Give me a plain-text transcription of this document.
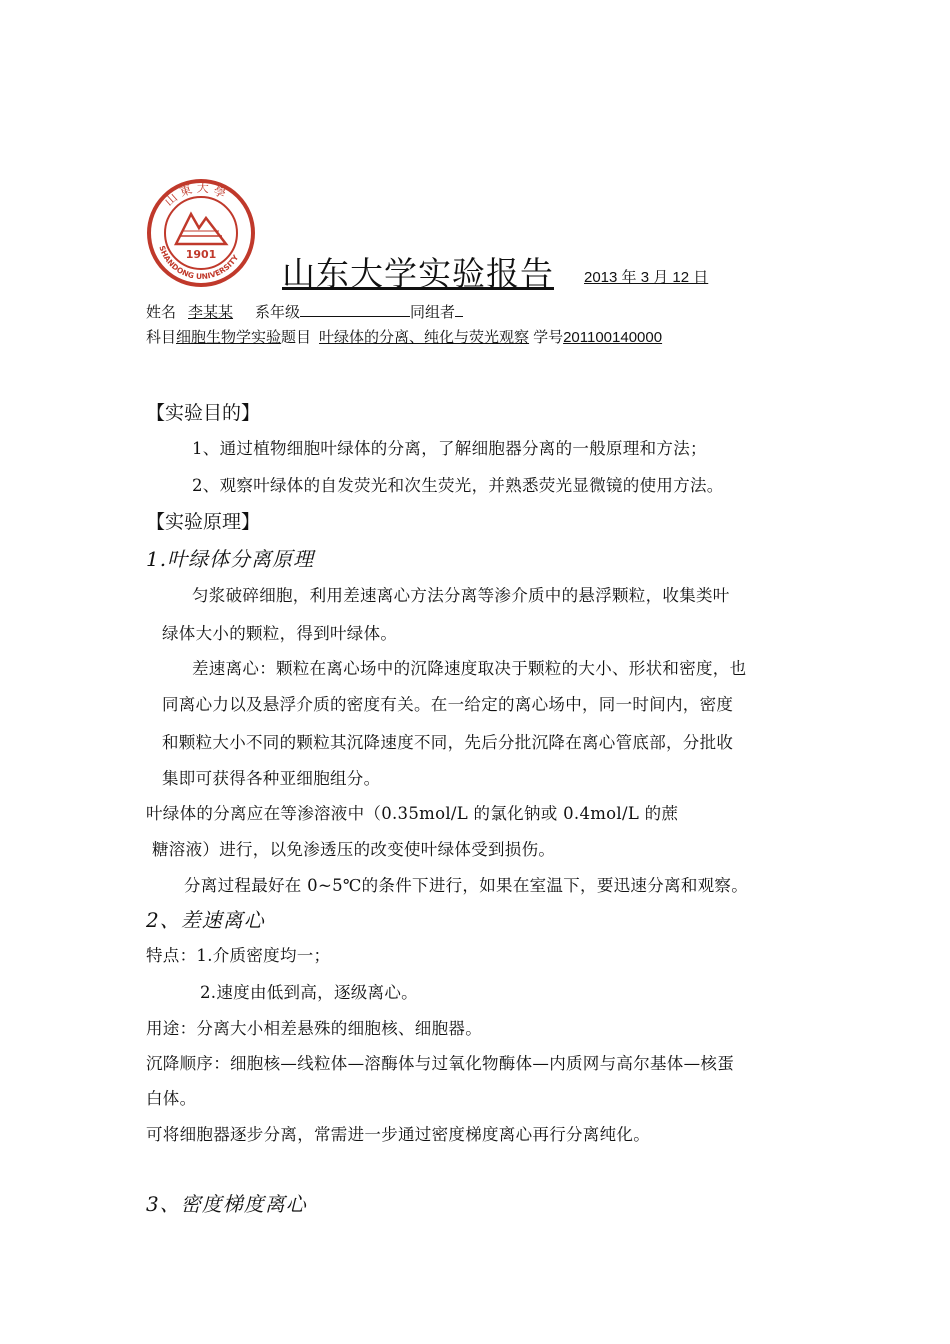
山 東 大 學
SHANDONG UNIVERSITY
1901 山东大学实验报告 2013 年 3 月 12 日
姓名 李某某 系年级	同组者
科目细胞生物学实验题目 叶绿体的分离、纯化与荧光观察 学号201100140000
【实验目的】
1、通过植物细胞叶绿体的分离，了解细胞器分离的一般原理和方法；
2、观察叶绿体的自发荧光和次生荧光，并熟悉荧光显微镜的使用方法。
【实验原理】
1.叶绿体分离原理
匀浆破碎细胞，利用差速离心方法分离等渗介质中的悬浮颗粒，收集类叶
绿体大小的颗粒，得到叶绿体。
差速离心：颗粒在离心场中的沉降速度取决于颗粒的大小、形状和密度，也
同离心力以及悬浮介质的密度有关。在一给定的离心场中，同一时间内，密度
和颗粒大小不同的颗粒其沉降速度不同，先后分批沉降在离心管底部，分批收
集即可获得各种亚细胞组分。
叶绿体的分离应在等渗溶液中（0.35mol/L 的氯化钠或 0.4mol/L 的蔗
糖溶液）进行，以免渗透压的改变使叶绿体受到损伤。
分离过程最好在 0~5℃的条件下进行，如果在室温下，要迅速分离和观察。
2、差速离心
特点：1.介质密度均一；
2.速度由低到高，逐级离心。
用途：分离大小相差悬殊的细胞核、细胞器。
沉降顺序：细胞核—线粒体—溶酶体与过氧化物酶体—内质网与高尔基体—核蛋
白体。
可将细胞器逐步分离，常需进一步通过密度梯度离心再行分离纯化。
3、密度梯度离心
